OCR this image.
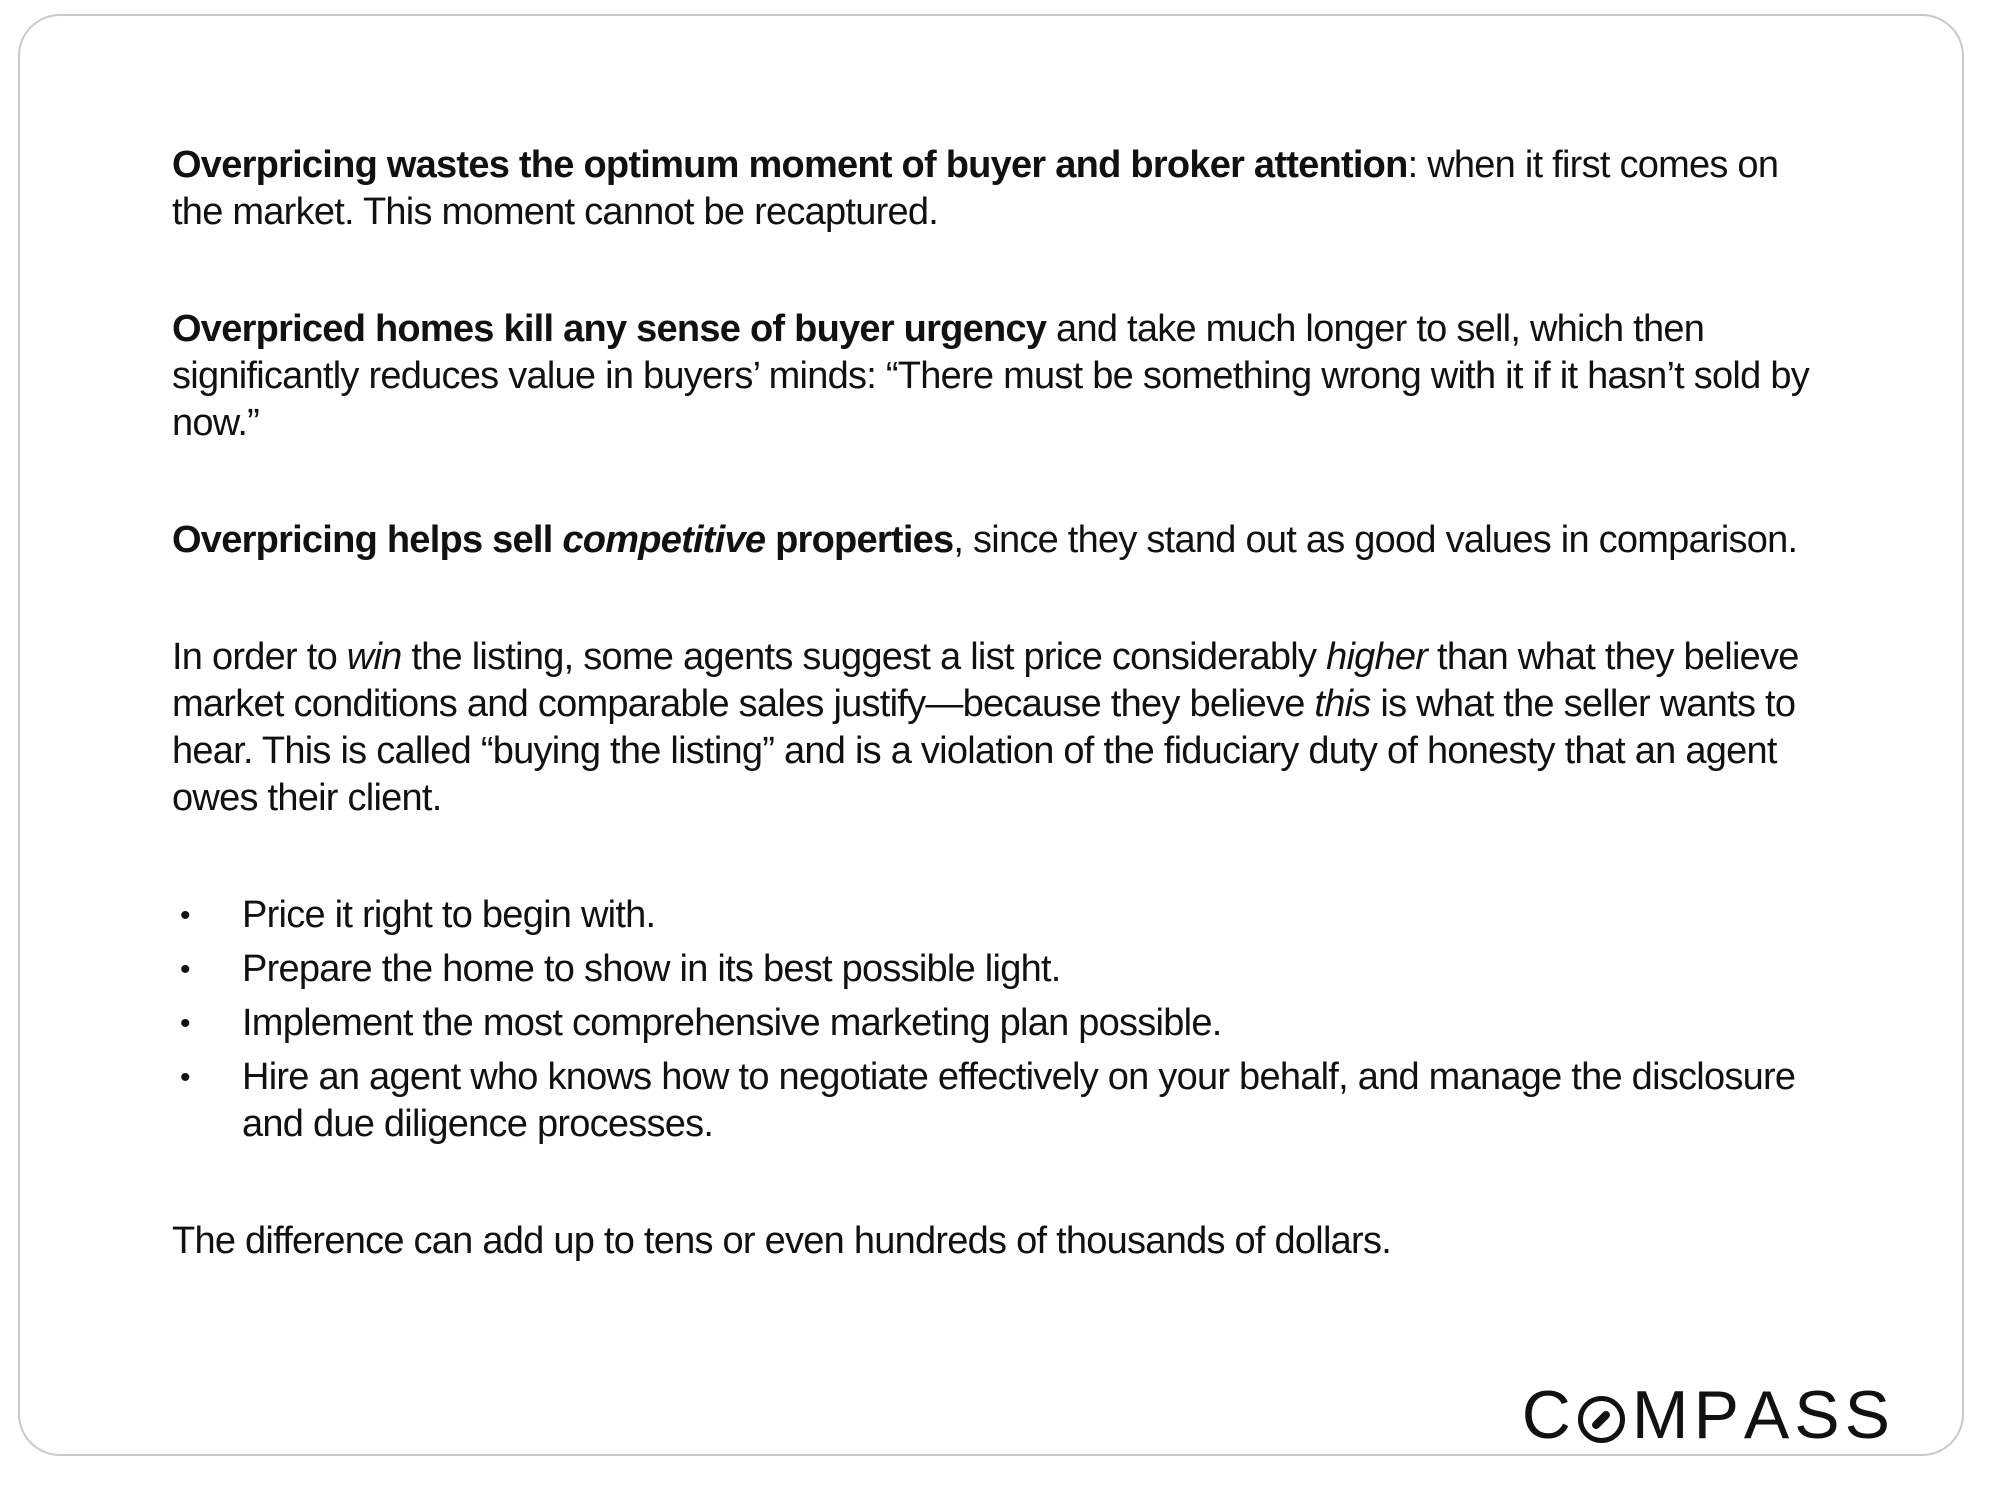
Overpricing wastes the optimum moment of buyer and broker attention: when it first comes on the market. This moment cannot be recaptured.

Overpriced homes kill any sense of buyer urgency and take much longer to sell, which then significantly reduces value in buyers’ minds: “There must be something wrong with it if it hasn’t sold by now.”

Overpricing helps sell competitive properties, since they stand out as good values in comparison.

In order to win the listing, some agents suggest a list price considerably higher than what they believe market conditions and comparable sales justify—because they believe this is what the seller wants to hear. This is called “buying the listing” and is a violation of the fiduciary duty of honesty that an agent owes their client.

•	Price it right to begin with.
•	Prepare the home to show in its best possible light.
•	Implement the most comprehensive marketing plan possible.
•	Hire an agent who knows how to negotiate effectively on your behalf, and manage the disclosure and due diligence processes.

The difference can add up to tens or even hundreds of thousands of dollars.

C M P A S S
